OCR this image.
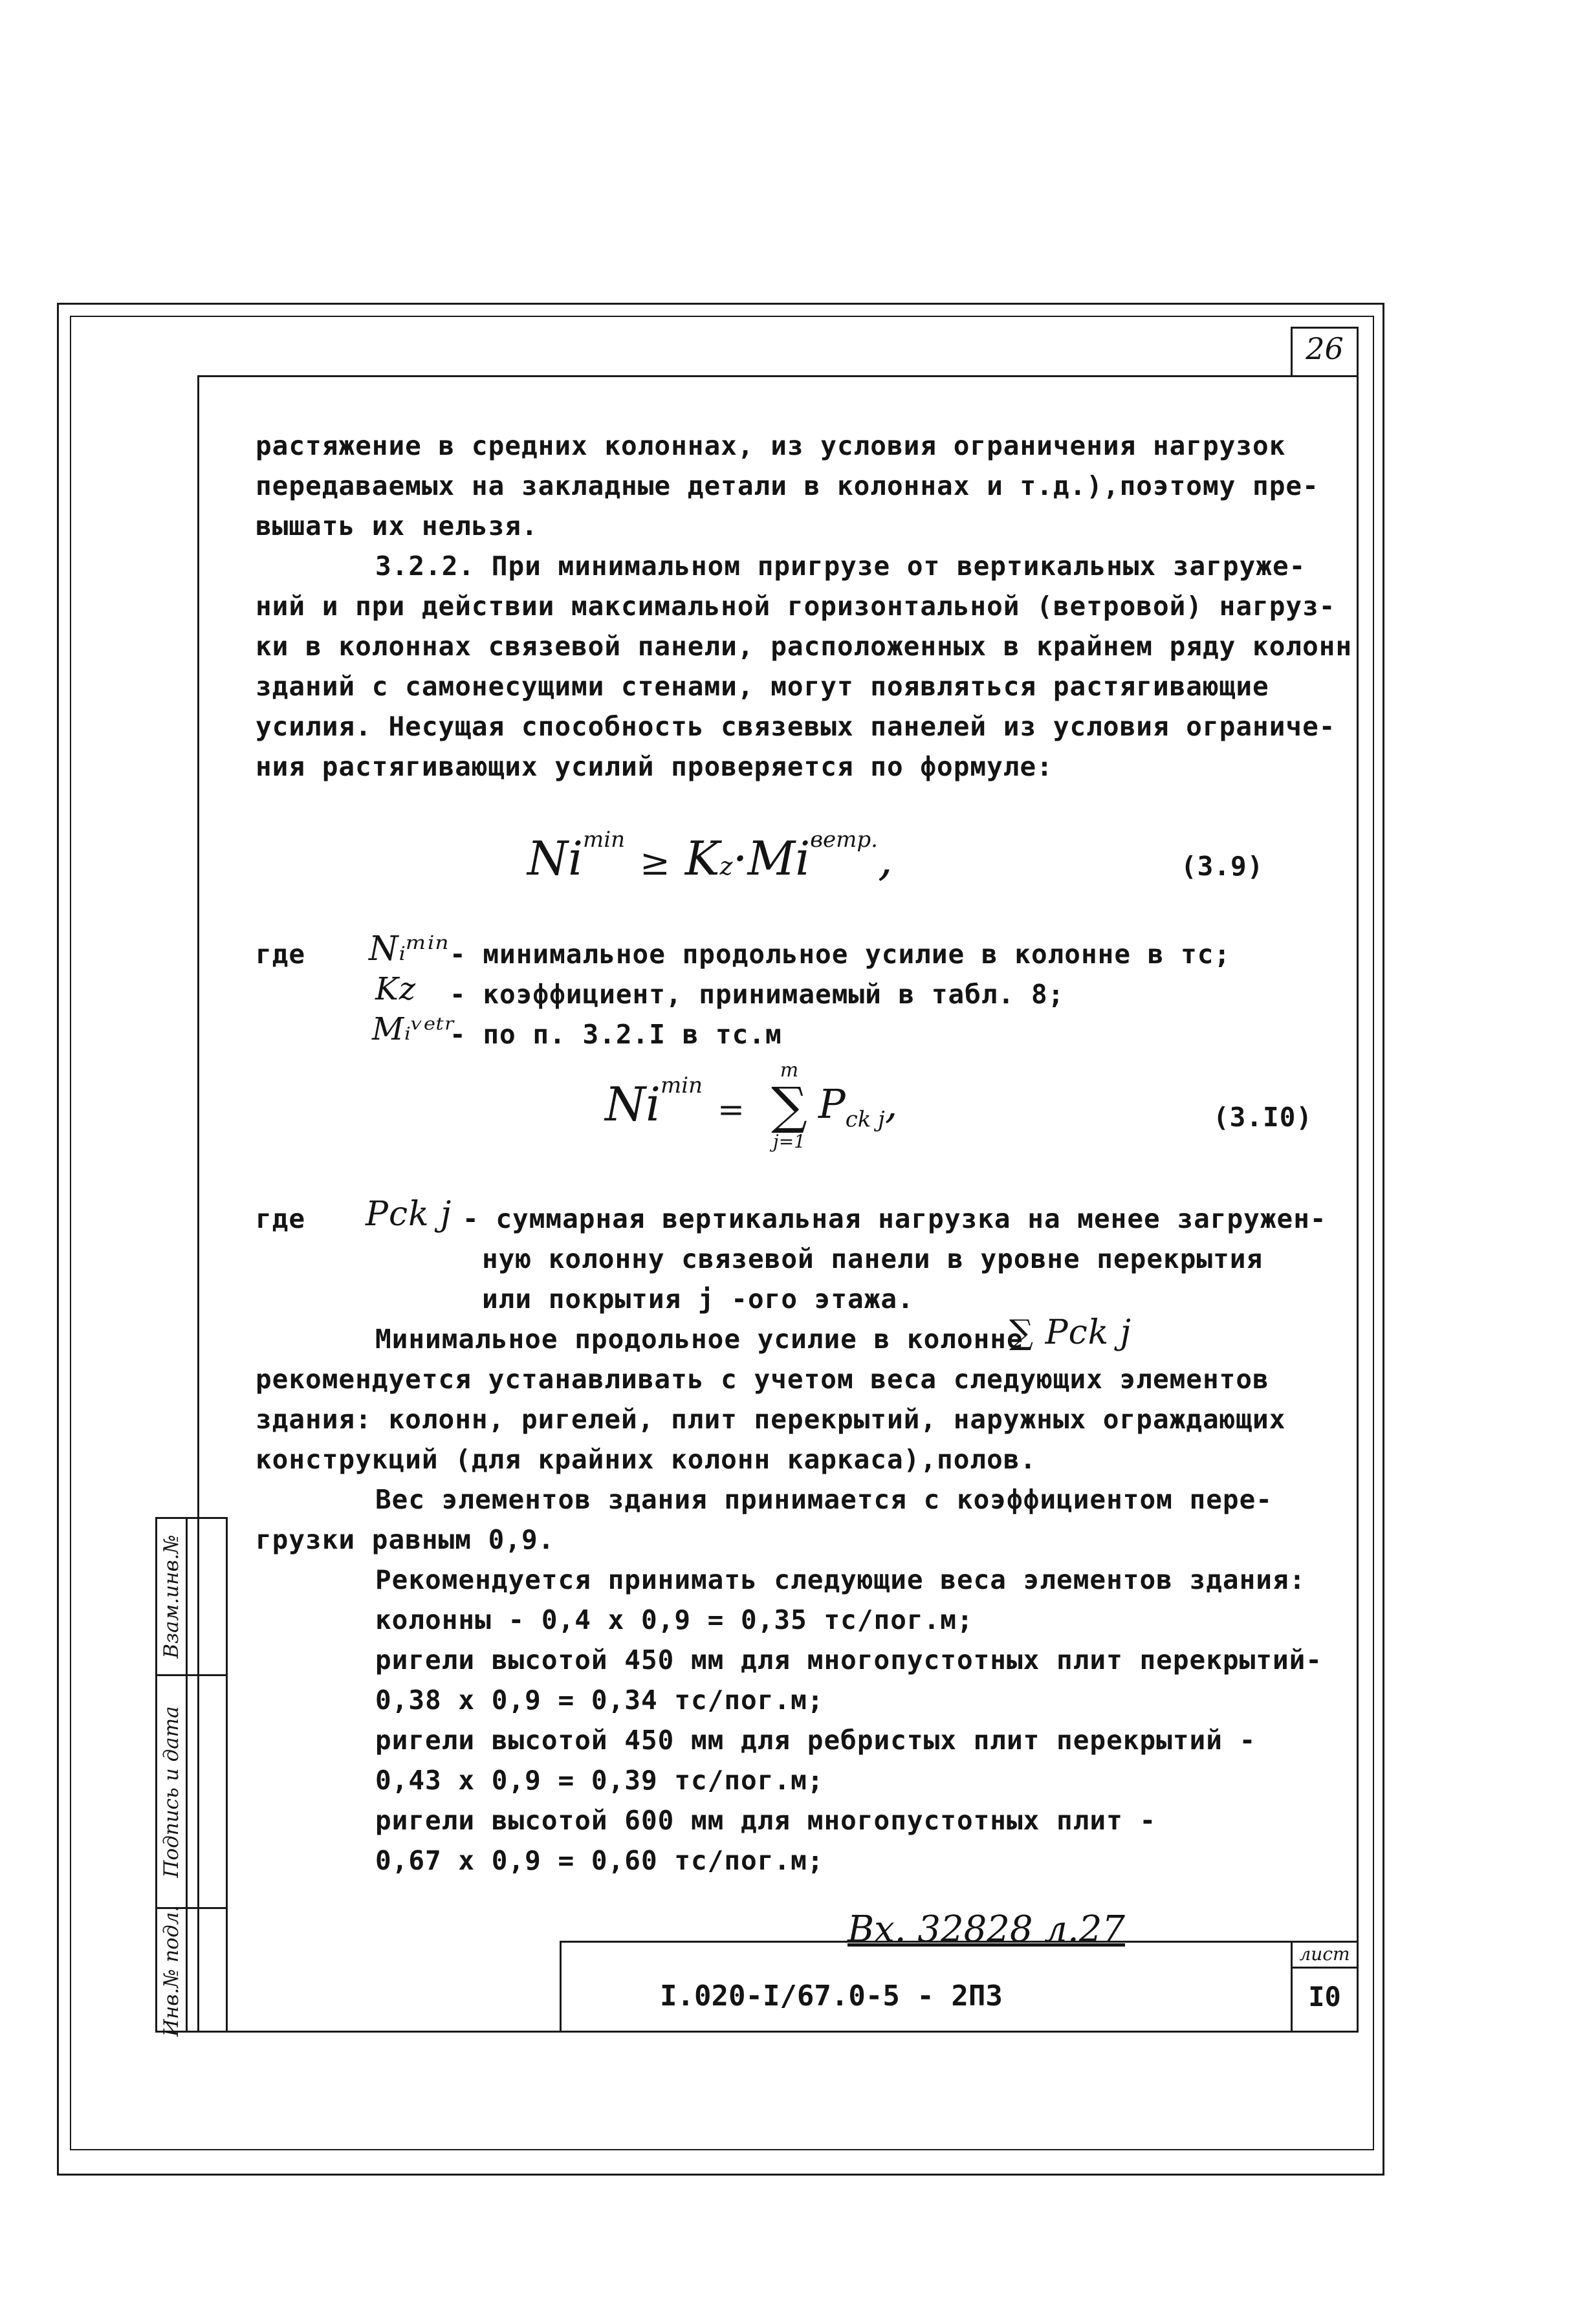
26
Взам.инв.№
Подпись и дата
Инв.№ подл.
растяжение в средних колоннах, из условия ограничения нагрузок
передаваемых на закладные детали в колоннах и т.д.),поэтому пре-
вышать их нельзя.
3.2.2. При минимальном пригрузе от вертикальных загруже-
ний и при действии максимальной горизонтальной (ветровой) нагруз-
ки в колоннах связевой панели, расположенных в крайнем ряду колонн
зданий с самонесущими стенами, могут появляться растягивающие
усилия. Несущая способность связевых панелей из условия ограниче-
ния растягивающих усилий проверяется по формуле:
$Ni^{min} \ge Kz\cdot Mi^{ветр.}$,	(3.9)
где Nᵢᵐⁱⁿ - минимальное продольное усилие в колонне в тс;
Kz - коэффициент, принимаемый в табл. 8;
Mᵢᵛᵉᵗʳ
- по п. 3.2.I в тс.м
$Ni^{min}$ =
m
∑
j=1
$P_{ck j}$,	(3.I0)
где Pck j - суммарная вертикальная нагрузка на менее загружен-
ную колонну связевой панели в уровне перекрытия
или покрытия j -ого этажа.
Минимальное продольное усилие в колонне
∑ Pck j
рекомендуется устанавливать с учетом веса следующих элементов
здания: колонн, ригелей, плит перекрытий, наружных ограждающих
конструкций (для крайних колонн каркаса),полов.
Вес элементов здания принимается с коэффициентом пере-
грузки равным 0,9.
Рекомендуется принимать следующие веса элементов здания:
колонны - 0,4 x 0,9 = 0,35 тс/пог.м;
ригели высотой 450 мм для многопустотных плит перекрытий-
0,38 x 0,9 = 0,34 тс/пог.м;
ригели высотой 450 мм для ребристых плит перекрытий -
0,43 x 0,9 = 0,39 тс/пог.м;
ригели высотой 600 мм для многопустотных плит -
0,67 x 0,9 = 0,60 тс/пог.м;
Вх. 32828 л.27
I.020-I/67.0-5 - 2ПЗ
лист
I0
